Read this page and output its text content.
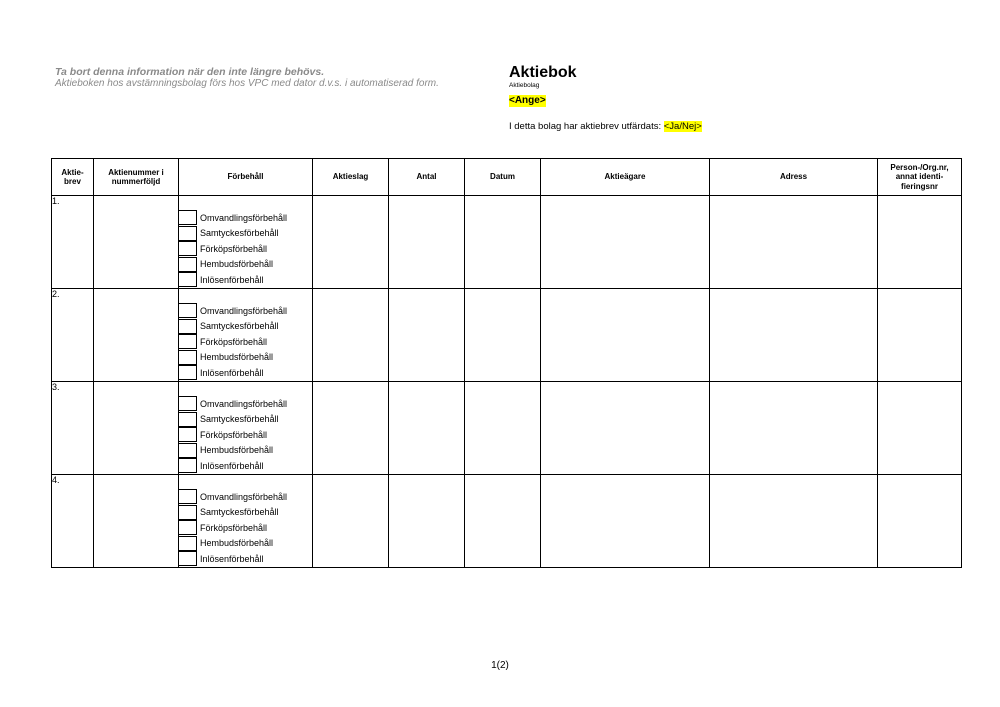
Ta bort denna information när den inte längre behövs.
Aktieboken hos avstämningsbolag förs hos VPC med dator d.v.s. i automatiserad form.
Aktiebok
Aktiebolag
<Ange>
I detta bolag har aktiebrev utfärdats: <Ja/Nej>
Aktie-
brev	Aktienummer i
nummerföljd	Förbehåll	Aktieslag	Antal	Datum	Aktieägare	Adress	Person-/Org.nr,
annat identi-
fieringsnr
1.		Omvandlingsförbehåll
Samtyckesförbehåll
Förköpsförbehåll
Hembudsförbehåll
Inlösenförbehåll						

2.		Omvandlingsförbehåll
Samtyckesförbehåll
Förköpsförbehåll
Hembudsförbehåll
Inlösenförbehåll						

3.		Omvandlingsförbehåll
Samtyckesförbehåll
Förköpsförbehåll
Hembudsförbehåll
Inlösenförbehåll						

4.		Omvandlingsförbehåll
Samtyckesförbehåll
Förköpsförbehåll
Hembudsförbehåll
Inlösenförbehåll						

1(2)
